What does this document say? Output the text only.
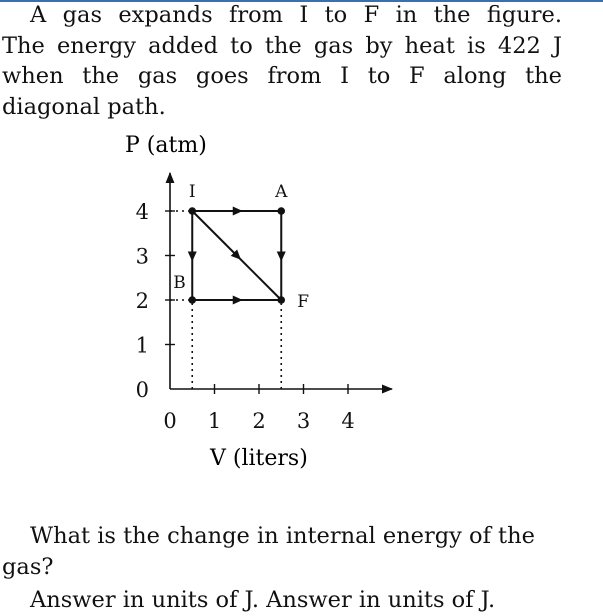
A gas expands from I to F in the figure.
The energy added to the gas by heat is 422 J
when the gas goes from I to F along the
diagonal path.
P (atm)
V (liters)
0 1 2 3 4
0
1
2
3
4
I	A
B
F
What is the change in internal energy of the
gas?
Answer in units of J. Answer in units of J.
